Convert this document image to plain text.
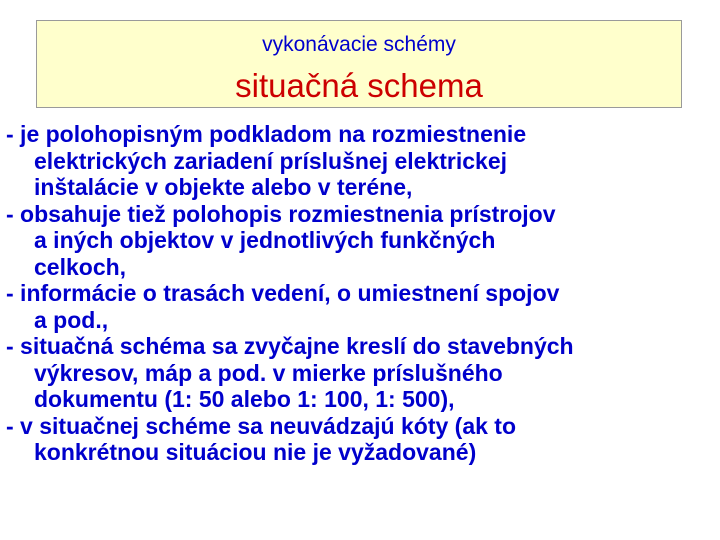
vykonávacie schémy
situačná schema
- je polohopisným podkladom na rozmiestnenie
elektrických zariadení príslušnej elektrickej
inštalácie v objekte alebo v teréne,
- obsahuje tiež polohopis rozmiestnenia prístrojov
a iných objektov v jednotlivých funkčných
celkoch,
- informácie o trasách vedení, o umiestnení spojov
a pod.,
- situačná schéma sa zvyčajne kreslí do stavebných
výkresov, máp a pod. v mierke príslušného
dokumentu (1: 50 alebo 1: 100, 1: 500),
- v situačnej schéme sa neuvádzajú kóty (ak to
konkrétnou situáciou nie je vyžadované)
